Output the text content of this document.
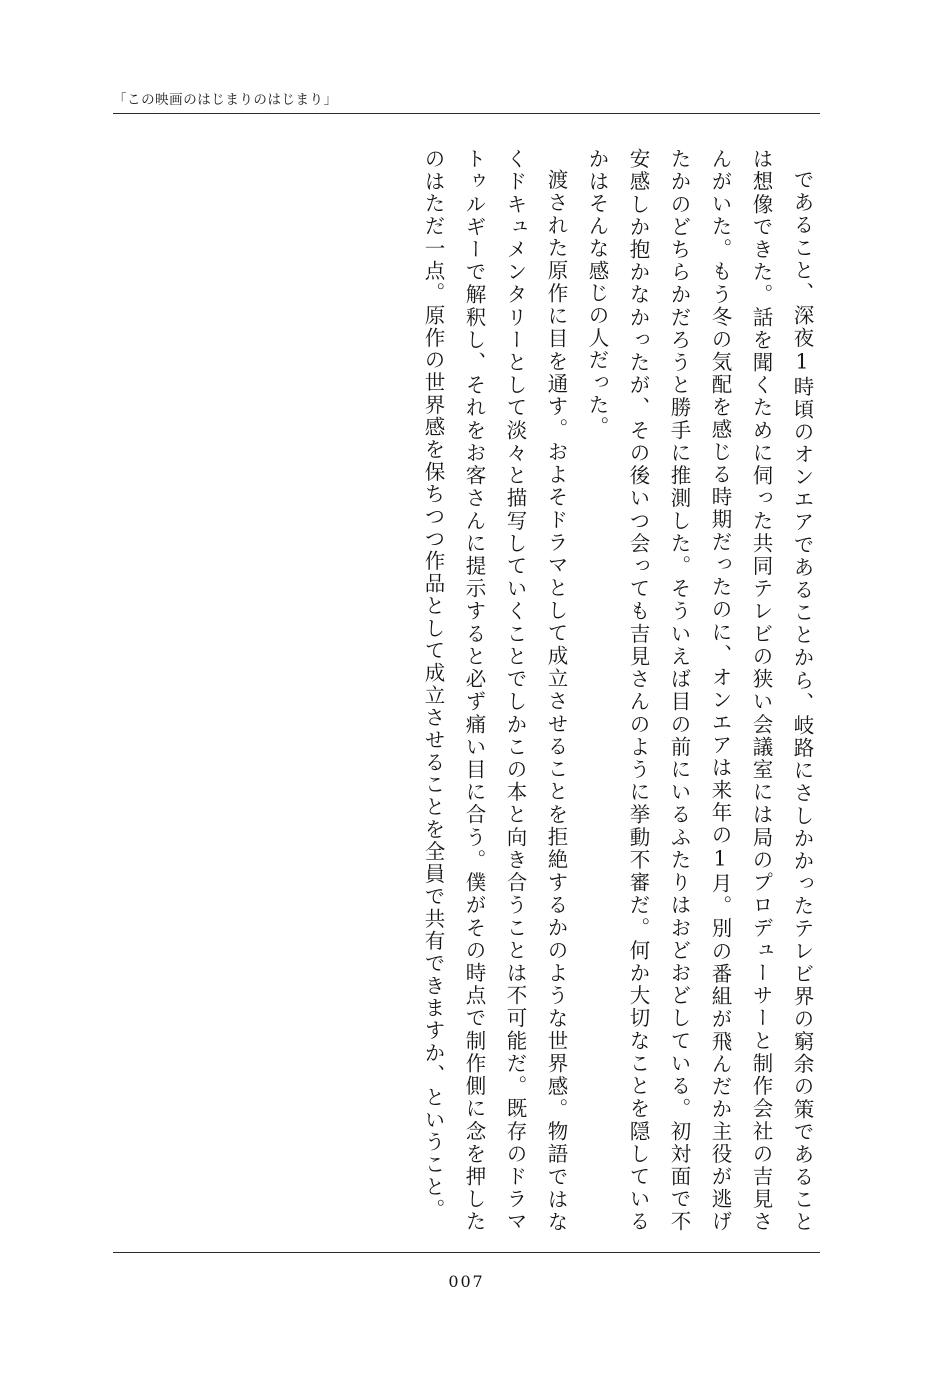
「この映画のはじまりのはじまり」

であること、深夜1時頃のオンエアであることから、岐路にさしかかったテレビ界の窮余の策であることは想像できた。話を聞くために伺った共同テレビの狭い会議室には局のプロデューサーと制作会社の吉見さんがいた。もう冬の気配を感じる時期だったのに、オンエアは来年の1月。別の番組が飛んだか主役が逃げたかのどちらかだろうと勝手に推測した。そういえば目の前にいるふたりはおどおどしている。初対面で不安感しか抱かなかったが、その後いつ会っても吉見さんのように挙動不審だ。何か大切なことを隠しているかはそんな感じの人だった。

渡された原作に目を通す。およそドラマとして成立させることを拒絶するかのような世界感。物語ではなくドキュメンタリーとして淡々と描写していくことでしかこの本と向き合うことは不可能だ。既存のドラマトゥルギーで解釈し、それをお客さんに提示すると必ず痛い目に合う。僕がその時点で制作側に念を押したのはただ一点。原作の世界感を保ちつつ作品として成立させることを全員で共有できますか、ということ。

007
